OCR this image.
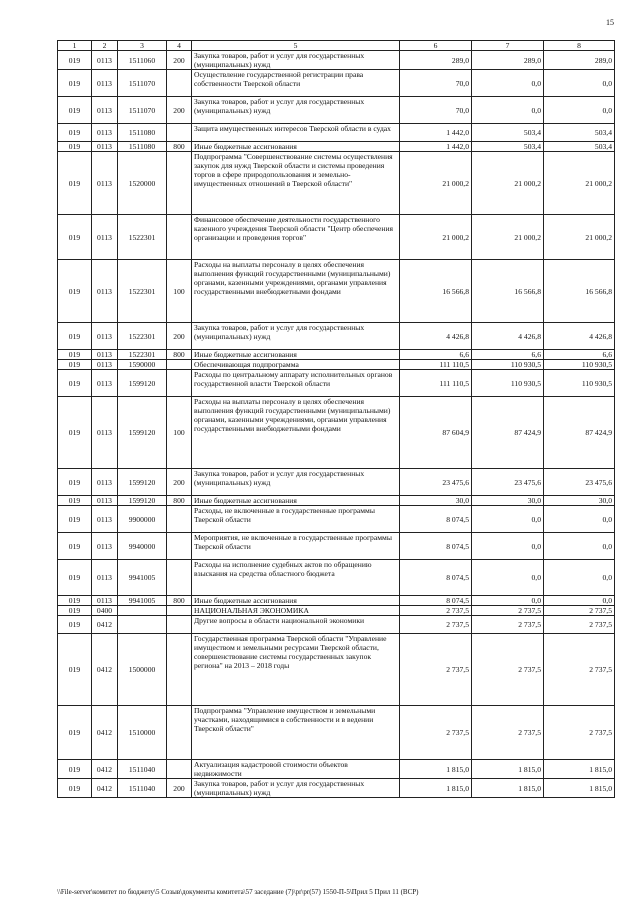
15
1	2	3	4	5	6	7	8
019	0113	1511060	200	Закупка товаров, работ и услуг для государственных (муниципальных) нужд	289,0	289,0	289,0
019	0113	1511070		Осуществление государственной регистрации права собственности Тверской области	70,0	0,0	0,0
019	0113	1511070	200	Закупка товаров, работ и услуг для государственных (муниципальных) нужд	70,0	0,0	0,0
019	0113	1511080		Защита имущественных интересов Тверской области в судах	1 442,0	503,4	503,4
019	0113	1511080	800	Иные бюджетные ассигнования	1 442,0	503,4	503,4
019	0113	1520000		Подпрограмма "Совершенствование системы осуществления закупок для нужд Тверской области и системы проведения торгов в сфере природопользования и земельно-имущественных отношений в Тверской области"	21 000,2	21 000,2	21 000,2
019	0113	1522301		Финансовое обеспечение деятельности государственного казенного учреждения Тверской области "Центр обеспечения организации и проведения торгов"	21 000,2	21 000,2	21 000,2
019	0113	1522301	100	Расходы на выплаты персоналу в целях обеспечения выполнения функций государственными (муниципальными) органами, казенными учреждениями, органами управления государственными внебюджетными фондами	16 566,8	16 566,8	16 566,8
019	0113	1522301	200	Закупка товаров, работ и услуг для государственных (муниципальных) нужд	4 426,8	4 426,8	4 426,8
019	0113	1522301	800	Иные бюджетные ассигнования	6,6	6,6	6,6
019	0113	1590000		Обеспечивающая подпрограмма	111 110,5	110 930,5	110 930,5
019	0113	1599120		Расходы по центральному аппарату исполнительных органов государственной власти Тверской области	111 110,5	110 930,5	110 930,5
019	0113	1599120	100	Расходы на выплаты персоналу в целях обеспечения выполнения функций государственными (муниципальными) органами, казенными учреждениями, органами управления государственными внебюджетными фондами	87 604,9	87 424,9	87 424,9
019	0113	1599120	200	Закупка товаров, работ и услуг для государственных (муниципальных) нужд	23 475,6	23 475,6	23 475,6
019	0113	1599120	800	Иные бюджетные ассигнования	30,0	30,0	30,0
019	0113	9900000		Расходы, не включенные в государственные программы Тверской области	8 074,5	0,0	0,0
019	0113	9940000		Мероприятия, не включенные в государственные программы Тверской области	8 074,5	0,0	0,0
019	0113	9941005		Расходы на исполнение судебных актов по обращению взыскания на средства областного бюджета	8 074,5	0,0	0,0
019	0113	9941005	800	Иные бюджетные ассигнования	8 074,5	0,0	0,0
019	0400			НАЦИОНАЛЬНАЯ ЭКОНОМИКА	2 737,5	2 737,5	2 737,5
019	0412			Другие вопросы в области национальной экономики	2 737,5	2 737,5	2 737,5
019	0412	1500000		Государственная программа Тверской области "Управление имуществом и земельными ресурсами Тверской области, совершенствование системы государственных закупок региона" на 2013 – 2018 годы	2 737,5	2 737,5	2 737,5
019	0412	1510000		Подпрограмма "Управление имуществом и земельными участками, находящимися в собственности и в ведении Тверской области"	2 737,5	2 737,5	2 737,5
019	0412	1511040		Актуализация кадастровой стоимости объектов недвижимости	1 815,0	1 815,0	1 815,0
019	0412	1511040	200	Закупка товаров, работ и услуг для государственных (муниципальных) нужд	1 815,0	1 815,0	1 815,0
\\File-server\комитет по бюджету\5 Созыв\документы комитета\57 заседание (7)\pr\pr(57) 1550-П-5\Прил 5 Прил 11 (ВСР)
